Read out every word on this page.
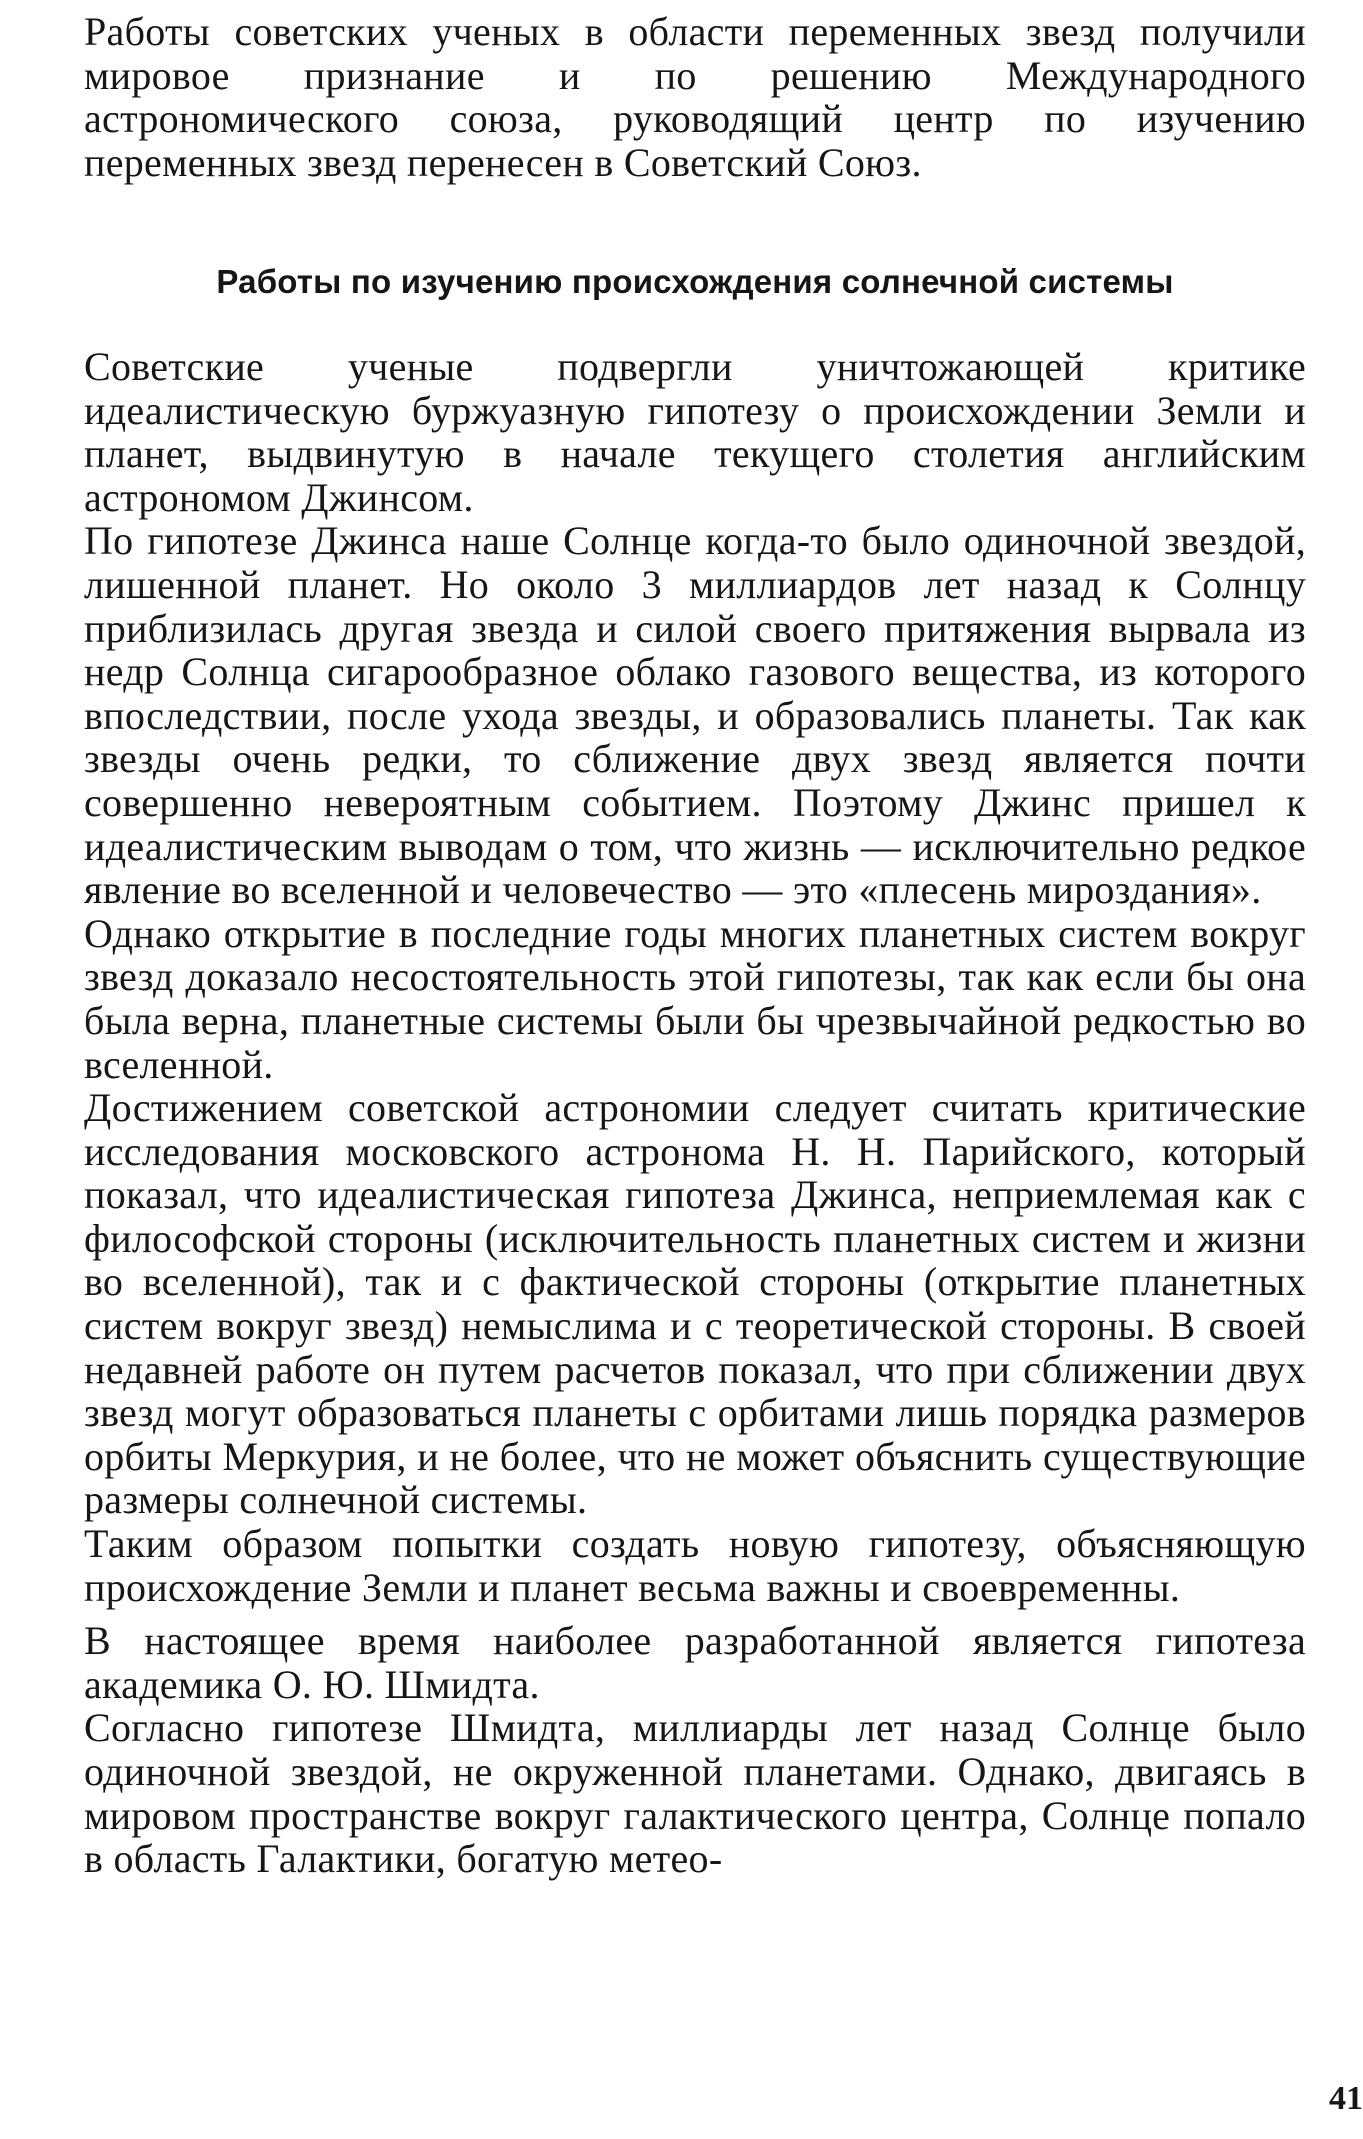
Работы советских ученых в области переменных звезд получили мировое признание и по решению Международного астрономического союза, руководящий центр по изучению переменных звезд перенесен в Советский Союз.

Работы по изучению происхождения солнечной системы

Советские ученые подвергли уничтожающей критике идеалистическую буржуазную гипотезу о происхождении Земли и планет, выдвинутую в начале текущего столетия английским астрономом Джинсом.

По гипотезе Джинса наше Солнце когда-то было одиночной звездой, лишенной планет. Но около 3 миллиардов лет назад к Солнцу приблизилась другая звезда и силой своего притяжения вырвала из недр Солнца сигарообразное облако газового вещества, из которого впоследствии, после ухода звезды, и образовались планеты. Так как звезды очень редки, то сближение двух звезд является почти совершенно невероятным событием. Поэтому Джинс пришел к идеалистическим выводам о том, что жизнь — исключительно редкое явление во вселенной и человечество — это «плесень мироздания».

Однако открытие в последние годы многих планетных систем вокруг звезд доказало несостоятельность этой гипотезы, так как если бы она была верна, планетные системы были бы чрезвычайной редкостью во вселенной.

Достижением советской астрономии следует считать критические исследования московского астронома Н. Н. Парийского, который показал, что идеалистическая гипотеза Джинса, неприемлемая как с философской стороны (исключительность планетных систем и жизни во вселенной), так и с фактической стороны (открытие планетных систем вокруг звезд) немыслима и с теоретической стороны. В своей недавней работе он путем расчетов показал, что при сближении двух звезд могут образоваться планеты с орбитами лишь порядка размеров орбиты Меркурия, и не более, что не может объяснить существующие размеры солнечной системы.

Таким образом попытки создать новую гипотезу, объясняющую происхождение Земли и планет весьма важны и своевременны.

В настоящее время наиболее разработанной является гипотеза академика О. Ю. Шмидта.

Согласно гипотезе Шмидта, миллиарды лет назад Солнце было одиночной звездой, не окруженной планетами. Однако, двигаясь в мировом пространстве вокруг галактического центра, Солнце попало в область Галактики, богатую метео-

41
